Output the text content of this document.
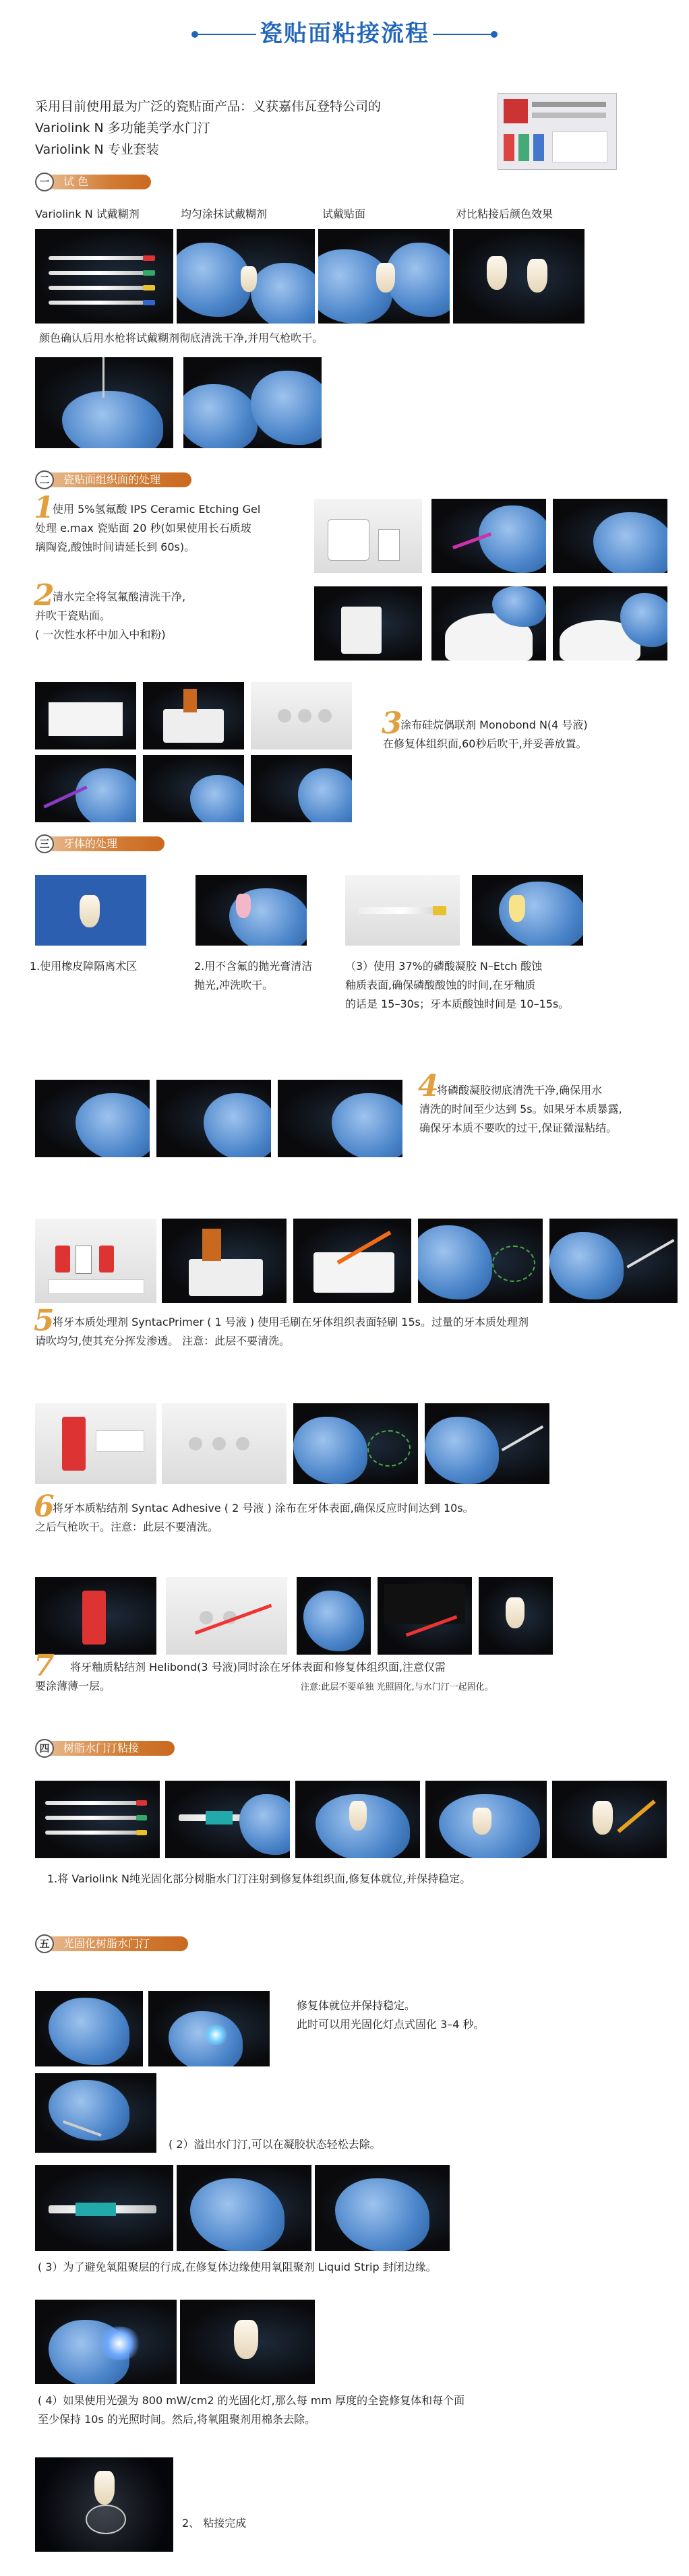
瓷贴面粘接流程
采用目前使用最为广泛的瓷贴面产品：义获嘉伟瓦登特公司的
Variolink N 多功能美学水门汀
Variolink N 专业套装
试 色
一
Variolink N 试戴糊剂	均匀涂抹试戴糊剂	试戴贴面	对比粘接后颜色效果
颜色确认后用水枪将试戴糊剂彻底清洗干净,并用气枪吹干。
瓷贴面组织面的处理
二
1
使用 5%氢氟酸 IPS Ceramic Etching Gel
处理 e.max 瓷贴面 20 秒(如果使用长石质玻
璃陶瓷,酸蚀时间请延长到 60s)。
2
清水完全将氢氟酸清洗干净,
并吹干瓷贴面。
( 一次性水杯中加入中和粉)
3
涂布硅烷偶联剂 Monobond N(4 号液)
在修复体组织面,60秒后吹干,并妥善放置。
牙体的处理
三
1.使用橡皮障隔离术区	2.用不含氟的抛光膏清洁
抛光,冲洗吹干。
（3）使用 37%的磷酸凝胶 N–Etch 酸蚀
釉质表面,确保磷酸酸蚀的时间,在牙釉质
的话是 15–30s；牙本质酸蚀时间是 10–15s。
4
将磷酸凝胶彻底清洗干净,确保用水
清洗的时间至少达到 5s。如果牙本质暴露,
确保牙本质不要吹的过干,保证微湿粘结。
5
将牙本质处理剂 SyntacPrimer ( 1 号液 ) 使用毛刷在牙体组织表面轻刷 15s。过量的牙本质处理剂
请吹均匀,使其充分挥发渗透。 注意：此层不要清洗。
6
将牙本质粘结剂 Syntac Adhesive ( 2 号液 ) 涂布在牙体表面,确保反应时间达到 10s。
之后气枪吹干。注意：此层不要清洗。
7 将牙釉质粘结剂 Helibond(3 号液)同时涂在牙体表面和修复体组织面,注意仅需
要涂薄薄一层。	注意:此层不要单独 光照固化,与水门汀一起固化。
树脂水门汀粘接
四
1.将 Variolink N纯光固化部分树脂水门汀注射到修复体组织面,修复体就位,并保持稳定。
光固化树脂水门汀
五
修复体就位并保持稳定。
此时可以用光固化灯点式固化 3–4 秒。
( 2）溢出水门汀,可以在凝胶状态轻松去除。
( 3）为了避免氧阻聚层的行成,在修复体边缘使用氧阻聚剂 Liquid Strip 封闭边缘。
( 4）如果使用光强为 800 mW/cm2 的光固化灯,那么每 mm 厚度的全瓷修复体和每个面
至少保持 10s 的光照时间。然后,将氧阻聚剂用棉条去除。
2、 粘接完成
